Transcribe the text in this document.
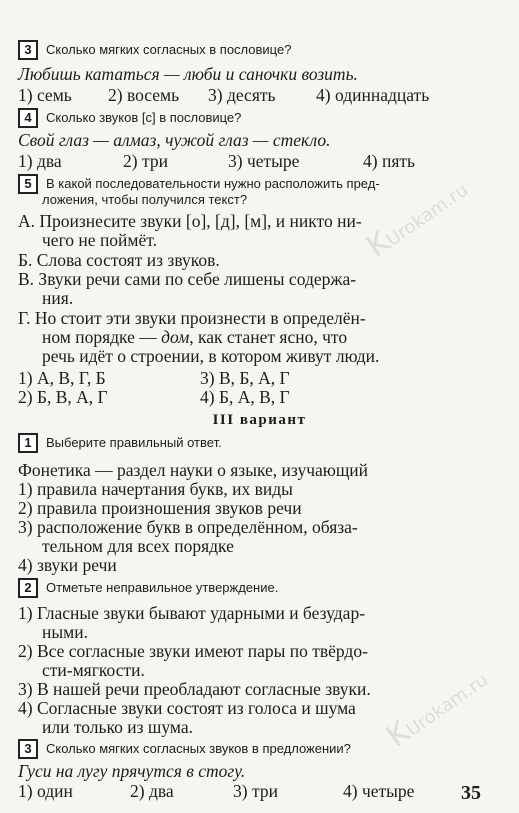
KUrokam.ru
KUrokam.ru
3 Сколько мягких согласных в пословице?
Любишь кататься — люби и саночки возить.
1) семь 2) восемь 3) десять 4) одиннадцать
4 Сколько звуков [с] в пословице?
Свой глаз — алмаз, чужой глаз — стекло.
1) два	2) три	3) четыре	4) пять
5 В какой последовательности нужно расположить пред-
ложения, чтобы получился текст?
А. Произнесите звуки [о], [д], [м], и никто ни-
чего не поймёт.
Б. Слова состоят из звуков.
В. Звуки речи сами по себе лишены содержа-
ния.
Г. Но стоит эти звуки произнести в определён-
ном порядке — дом, как станет ясно, что
речь идёт о строении, в котором живут люди.
1) А, В, Г, Б	3) В, Б, А, Г
2) Б, В, А, Г	4) Б, А, В, Г
III вариант
1 Выберите правильный ответ.
Фонетика — раздел науки о языке, изучающий
1) правила начертания букв, их виды
2) правила произношения звуков речи
3) расположение букв в определённом, обяза-
тельном для всех порядке
4) звуки речи
2 Отметьте неправильное утверждение.
1) Гласные звуки бывают ударными и безудар-
ными.
2) Все согласные звуки имеют пары по твёрдо-
сти-мягкости.
3) В нашей речи преобладают согласные звуки.
4) Согласные звуки состоят из голоса и шума
или только из шума.
3 Сколько мягких согласных звуков в предложении?
Гуси на лугу прячутся в стогу.
1) один	2) два	3) три	4) четыре 35
